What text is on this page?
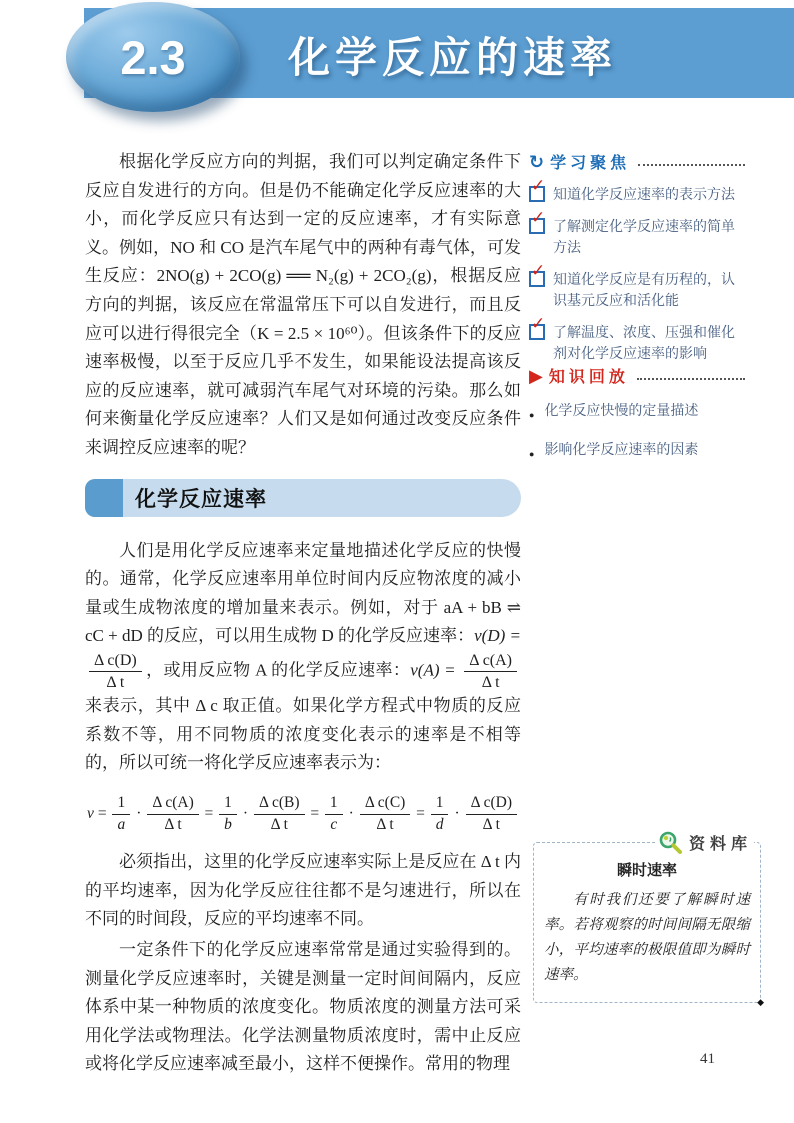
2.3 化学反应的速率

根据化学反应方向的判据，我们可以判定确定条件下反应自发进行的方向。但是仍不能确定化学反应速率的大小，而化学反应只有达到一定的反应速率，才有实际意义。例如，NO 和 CO 是汽车尾气中的两种有毒气体，可发生反应：2NO(g) + 2CO(g) ══ N₂(g) + 2CO₂(g)，根据反应方向的判据，该反应在常温常压下可以自发进行，而且反应可以进行得很完全（K = 2.5 × 10⁶⁰）。但该条件下的反应速率极慢，以至于反应几乎不发生，如果能设法提高该反应的反应速率，就可减弱汽车尾气对环境的污染。那么如何来衡量化学反应速率？人们又是如何通过改变反应条件来调控反应速率的呢？

化学反应速率

人们是用化学反应速率来定量地描述化学反应的快慢的。通常，化学反应速率用单位时间内反应物浓度的减小量或生成物浓度的增加量来表示。例如，对于 aA + bB ⇌ cC + dD 的反应，可以用生成物 D 的化学反应速率：v(D) =
$\frac{\text{Δ c(D)}}{\text{Δ t}}$ ，或用反应物 A 的化学反应速率：$v(A) = \frac{\text{Δ c(A)}}{\text{Δ t}}$
来表示，其中 Δ c 取正值。如果化学方程式中物质的反应系数不等，用不同物质的浓度变化表示的速率是不相等的，所以可统一将化学反应速率表示为：

$v = \frac{1}{a} \cdot \frac{\text{Δ c(A)}}{\text{Δ t}} = \frac{1}{b} \cdot \frac{\text{Δ c(B)}}{\text{Δ t}} = \frac{1}{c} \cdot \frac{\text{Δ c(C)}}{\text{Δ t}} = \frac{1}{d} \cdot \frac{\text{Δ c(D)}}{\text{Δ t}}$

必须指出，这里的化学反应速率实际上是反应在 Δ t 内的平均速率，因为化学反应往往都不是匀速进行，所以在不同的时间段，反应的平均速率不同。

一定条件下的化学反应速率常常是通过实验得到的。测量化学反应速率时，关键是测量一定时间间隔内，反应体系中某一种物质的浓度变化。物质浓度的测量方法可采用化学法或物理法。化学法测量物质浓度时，需中止反应或将化学反应速率减至最小，这样不便操作。常用的物理

↻ 学习聚焦
✓ 知道化学反应速率的表示方法
✓ 了解测定化学反应速率的简单方法
✓ 知道化学反应是有历程的，认识基元反应和活化能
✓ 了解温度、浓度、压强和催化剂对化学反应速率的影响
▶ 知识回放
● 化学反应快慢的定量描述
● 影响化学反应速率的因素
资料库
瞬时速率
有时我们还要了解瞬时速率。若将观察的时间间隔无限缩小，平均速率的极限值即为瞬时速率。
◆
41
